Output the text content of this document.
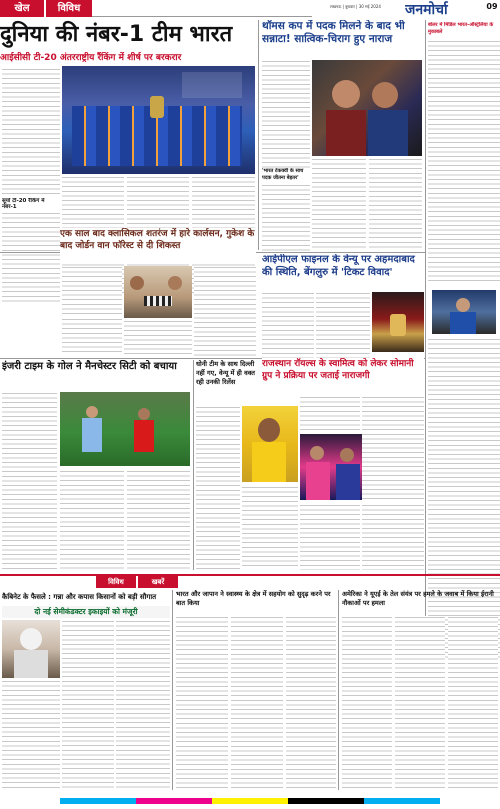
खेल	विविध	लखनऊ | बुधवार | 30 मई 2024	जनमोर्चा	09
दुनिया की नंबर-1 टीम भारत
आईसीसी टी-20 अंतरराष्ट्रीय रैंकिंग में शीर्ष पर बरकरार
सूर्या टी-20 रैंकिंग में नंबर-1
थॉमस कप में पदक मिलने के बाद भी सन्नाटा! सात्विक-चिराग हुए नाराज
'भारत टेकक्वी के साथ पदक जीतना बेहतर'
बोलर में मिडिल भारत-ऑस्ट्रेलिया के मुकाबले
एक साल बाद क्लासिकल शतरंज में हारे कार्लसन, गुकेश के बाद जोर्डन वान फॉरेस्ट से दी शिकस्त
आईपीएल फाइनल के वेन्यू पर अहमदाबाद की स्थिति, बेंगलुरु में 'टिकट विवाद'
इंजरी टाइम के गोल ने मैनचेस्टर सिटी को बचाया	धोनी टीम के साथ दिल्ली नहीं गए, वेन्यू में ही वक्त रही उनकी रिलेंस
राजस्थान रॉयल्स के स्वामित्व को लेकर सोमानी ग्रुप ने प्रक्रिया पर जताई नाराजगी
विविध	खबरें
कैबिनेट के फैसले : गन्ना और कपास किसानों को बड़ी सौगात
दो नई सेमीकंडक्टर इकाइयों को मंजूरी
भारत और जापान ने स्वास्थ्य के क्षेत्र में सहयोग को सुदृढ़ करने पर बात किया
अमेरिका ने यूएई के तेल संयंत्र पर हमले के जवाब में किया ईरानी नौकाओं पर हमला
